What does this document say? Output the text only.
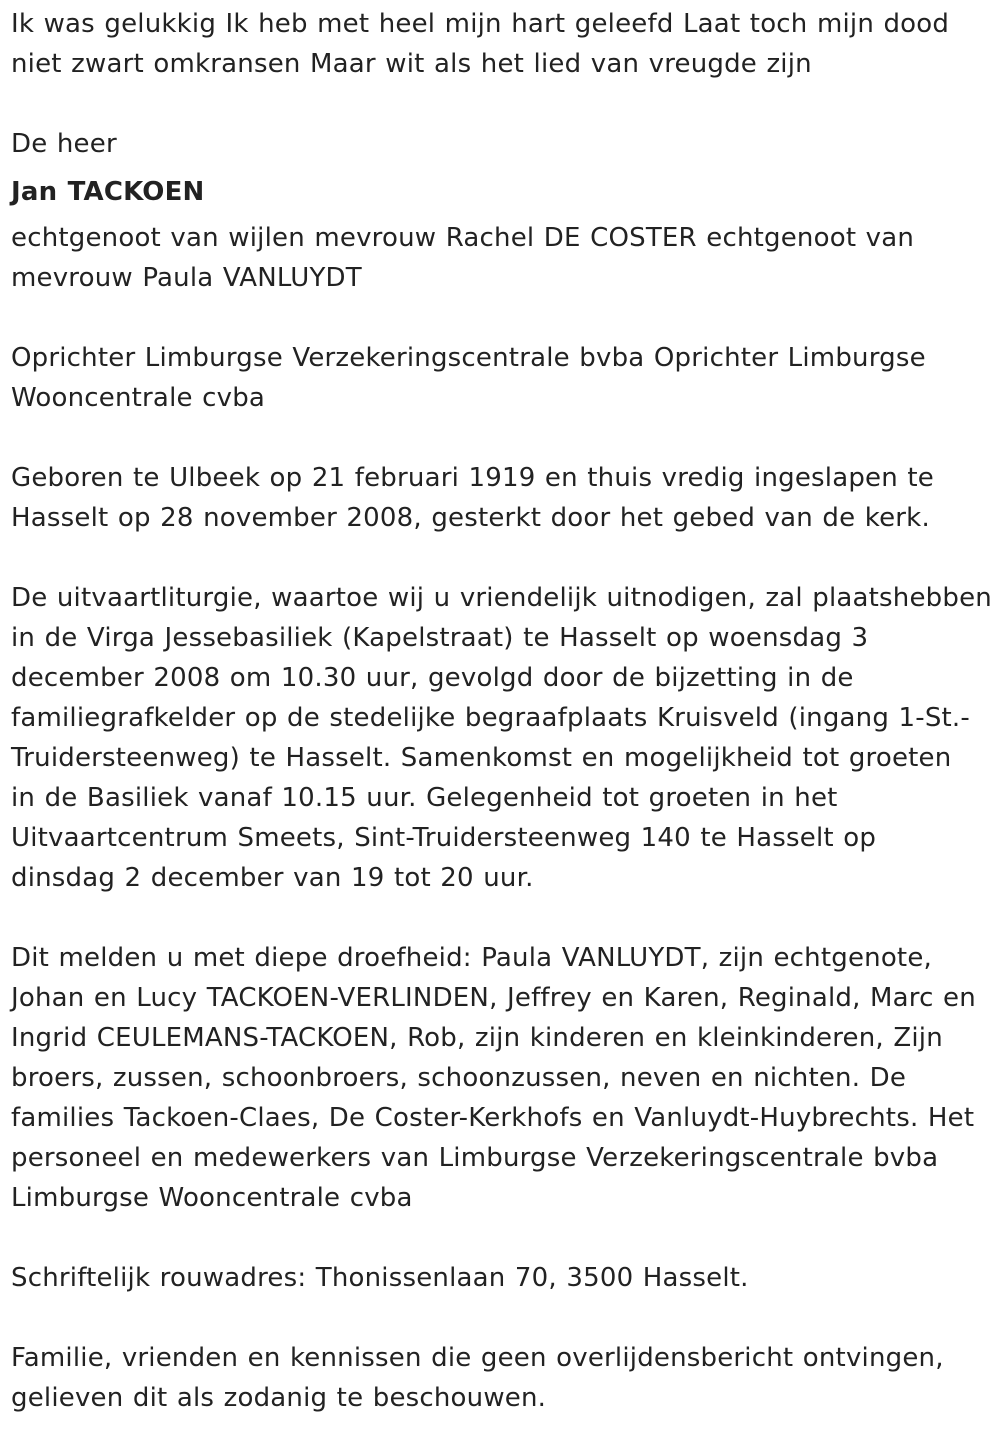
Ik was gelukkig Ik heb met heel mijn hart geleefd Laat toch mijn dood
niet zwart omkransen Maar wit als het lied van vreugde zijn
De heer
Jan TACKOEN
echtgenoot van wijlen mevrouw Rachel DE COSTER echtgenoot van
mevrouw Paula VANLUYDT
Oprichter Limburgse Verzekeringscentrale bvba Oprichter Limburgse
Wooncentrale cvba
Geboren te Ulbeek op 21 februari 1919 en thuis vredig ingeslapen te
Hasselt op 28 november 2008, gesterkt door het gebed van de kerk.
De uitvaartliturgie, waartoe wij u vriendelijk uitnodigen, zal plaatshebben
in de Virga Jessebasiliek (Kapelstraat) te Hasselt op woensdag 3
december 2008 om 10.30 uur, gevolgd door de bijzetting in de
familiegrafkelder op de stedelijke begraafplaats Kruisveld (ingang 1-St.-
Truidersteenweg) te Hasselt. Samenkomst en mogelijkheid tot groeten
in de Basiliek vanaf 10.15 uur. Gelegenheid tot groeten in het
Uitvaartcentrum Smeets, Sint-Truidersteenweg 140 te Hasselt op
dinsdag 2 december van 19 tot 20 uur.
Dit melden u met diepe droefheid: Paula VANLUYDT, zijn echtgenote,
Johan en Lucy TACKOEN-VERLINDEN, Jeffrey en Karen, Reginald, Marc en
Ingrid CEULEMANS-TACKOEN, Rob, zijn kinderen en kleinkinderen, Zijn
broers, zussen, schoonbroers, schoonzussen, neven en nichten. De
families Tackoen-Claes, De Coster-Kerkhofs en Vanluydt-Huybrechts. Het
personeel en medewerkers van Limburgse Verzekeringscentrale bvba
Limburgse Wooncentrale cvba
Schriftelijk rouwadres: Thonissenlaan 70, 3500 Hasselt.
Familie, vrienden en kennissen die geen overlijdensbericht ontvingen,
gelieven dit als zodanig te beschouwen.
